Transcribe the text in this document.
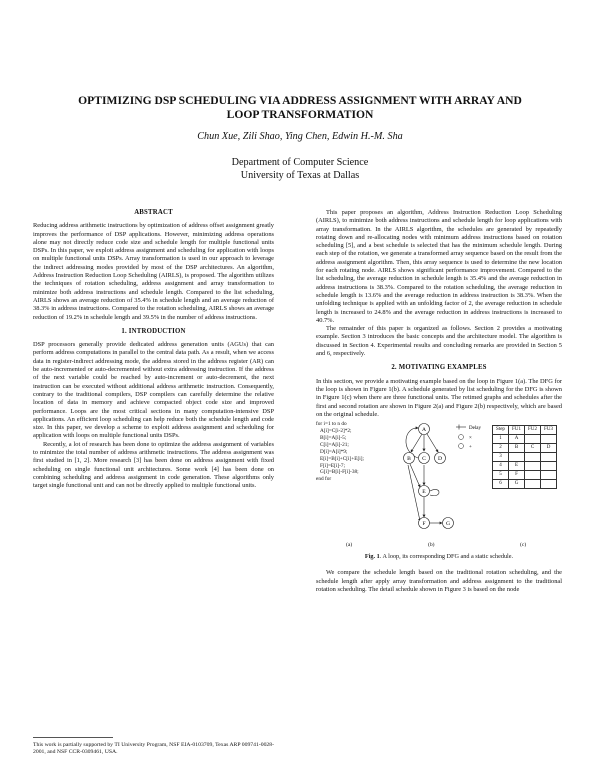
OPTIMIZING DSP SCHEDULING VIA ADDRESS ASSIGNMENT WITH ARRAY AND
LOOP TRANSFORMATION
Chun Xue, Zili Shao, Ying Chen, Edwin H.-M. Sha
Department of Computer Science
University of Texas at Dallas
ABSTRACT

Reducing address arithmetic instructions by optimization of address offset assignment greatly improves the performance of DSP applications. However, minimizing address operations alone may not directly reduce code size and schedule length for multiple functional units DSPs. In this paper, we exploit address assignment and scheduling for application with loops on multiple functional units DSPs. Array transformation is used in our approach to leverage the indirect addressing modes provided by most of the DSP architectures. An algorithm, Address Instruction Reduction Loop Scheduling (AIRLS), is proposed. The algorithm utilizes the techniques of rotation scheduling, address assignment and array transformation to minimize both address instructions and schedule length. Compared to the list scheduling, AIRLS shows an average reduction of 35.4% in schedule length and an average reduction of 38.3% in address instructions. Compared to the rotation scheduling, AIRLS shows an average reduction of 19.2% in schedule length and 39.5% in the number of address instructions.

1. INTRODUCTION

DSP processors generally provide dedicated address generation units (AGUs) that can perform address computations in parallel to the central data path. As a result, when we access data in register-indirect addressing mode, the address stored in the address register (AR) can be auto-incremented or auto-decremented without extra addressing instruction. If the address of the next variable could be reached by auto-increment or auto-decrement, the next instruction can be executed without additional address arithmetic instruction. Consequently, contrary to the traditional compilers, DSP compilers can carefully determine the relative location of data in memory and achieve compacted object code size and improved performance. Loops are the most critical sections in many computation-intensive DSP applications. An efficient loop scheduling can help reduce both the schedule length and code size. In this paper, we develop a scheme to exploit address assignment and scheduling for application with loops on multiple functional units DSPs.

Recently, a lot of research has been done to optimize the address assignment of variables to minimize the total number of address arithmetic instructions. The address assignment was first studied in [1, 2]. More research [3] has been done on address assignment with fixed scheduling on single functional unit architectures. Some work [4] has been done on combining scheduling and address assignment in code generation. These algorithms only target single functional unit and can not be directly applied to multiple functional units.

This work is partially supported by TI University Program, NSF EIA-0103709, Texas ARP 009741-0028-2001, and NSF CCR-0309461, USA.

This paper proposes an algorithm, Address Instruction Reduction Loop Scheduling (AIRLS), to minimize both address instructions and schedule length for loop applications with array transformation. In the AIRLS algorithm, the schedules are generated by repeatedly rotating down and re-allocating nodes with minimum address instructions based on rotation scheduling [5], and a best schedule is selected that has the minimum schedule length. During each step of the rotation, we generate a transformed array sequence based on the result from the address assignment algorithm. Then, this array sequence is used to determine the new location for each rotating node. AIRLS shows significant performance improvement. Compared to the list scheduling, the average reduction in schedule length is 35.4% and the average reduction in address instructions is 38.3%. Compared to the rotation scheduling, the average reduction in schedule length is 13.6% and the average reduction in address instruction is 38.3%. When the unfolding technique is applied with an unfolding factor of 2, the average reduction in schedule length is increased to 24.8% and the average reduction in address instructions is increased to 40.7%.

The remainder of this paper is organized as follows. Section 2 provides a motivating example. Section 3 introduces the basic concepts and the architecture model. The algorithm is discussed in Section 4. Experimental results and concluding remarks are provided in Section 5 and 6, respectively.

2. MOTIVATING EXAMPLES

In this section, we provide a motivating example based on the loop in Figure 1(a). The DFG for the loop is shown in Figure 1(b). A schedule generated by list scheduling for the DFG is shown in Figure 1(c) when there are three functional units. The retimed graphs and schedules after the first and second rotation are shown in Figure 2(a) and Figure 2(b) respectively, which are based on the original schedule.

for i=1 to n do
A[i]=C[i-2]*2;
B[i]=A[i]-5;
C[i]=A[i]-21;
D[i]=A[i]*9;
E[i]=B[i]+C[i]+E[i];
F[i]=E[i]-7;
G[i]=B[i]-F[i]-38;
end for
A
B C D
E
F	G
Delay
×
+
Step	FU1	FU2	FU3
1	A		
2	B	C	D
3			
4	E		
5	F		
6	G		
(a)	(b)	(c)
Fig. 1. A loop, its corresponding DFG and a static schedule.

We compare the schedule length based on the traditional rotation scheduling, and the schedule length after apply array transformation and address assignment to the traditional rotation scheduling. The detail schedule shown in Figure 3 is based on the node
